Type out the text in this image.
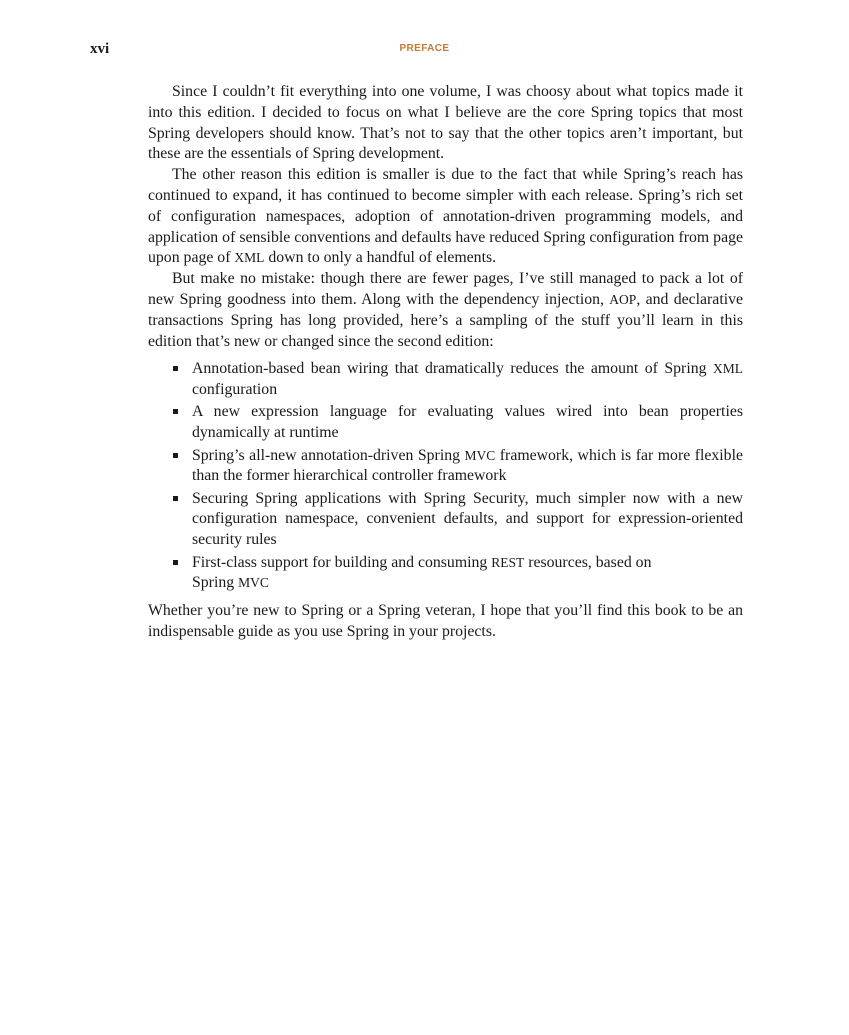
xvi	PREFACE

Since I couldn’t fit everything into one volume, I was choosy about what topics made it into this edition. I decided to focus on what I believe are the core Spring topics that most Spring developers should know. That’s not to say that the other topics aren’t important, but these are the essentials of Spring development.

The other reason this edition is smaller is due to the fact that while Spring’s reach has continued to expand, it has continued to become simpler with each release. Spring’s rich set of configuration namespaces, adoption of annotation-driven programming models, and application of sensible conventions and defaults have reduced Spring configuration from page upon page of XML down to only a handful of elements.

But make no mistake: though there are fewer pages, I’ve still managed to pack a lot of new Spring goodness into them. Along with the dependency injection, AOP, and declarative transactions Spring has long provided, here’s a sampling of the stuff you’ll learn in this edition that’s new or changed since the second edition:

Annotation-based bean wiring that dramatically reduces the amount of Spring XML configuration
A new expression language for evaluating values wired into bean properties dynamically at runtime
Spring’s all-new annotation-driven Spring MVC framework, which is far more flexible than the former hierarchical controller framework
Securing Spring applications with Spring Security, much simpler now with a new configuration namespace, convenient defaults, and support for expression-oriented security rules
First-class support for building and consuming REST resources, based on
Spring MVC

Whether you’re new to Spring or a Spring veteran, I hope that you’ll find this book to be an indispensable guide as you use Spring in your projects.
